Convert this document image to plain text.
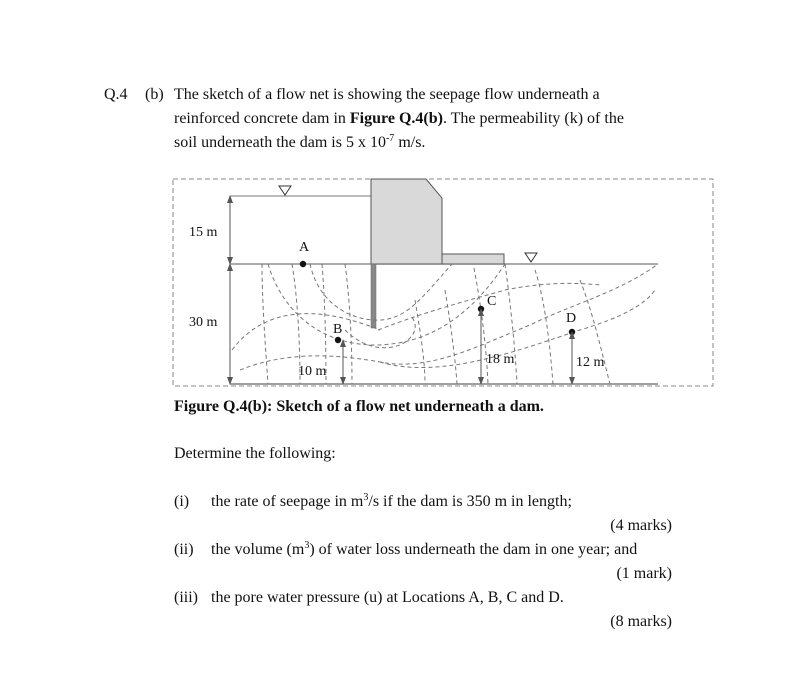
Q.4 (b) The sketch of a flow net is showing the seepage flow underneath a
reinforced concrete dam in Figure Q.4(b). The permeability (k) of the
soil underneath the dam is 5 x $10^{-7}$ m/s.
15 m
30 m
A
B
C
D
10 m
18 m	12 m
Figure Q.4(b): Sketch of a flow net underneath a dam.
Determine the following:
(i) the rate of seepage in $m^3/s$ if the dam is 350 m in length;
(4 marks)
(ii) the volume $(m^3)$ of water loss underneath the dam in one year; and
(1 mark)
(iii) the pore water pressure (u) at Locations A, B, C and D.
(8 marks)
